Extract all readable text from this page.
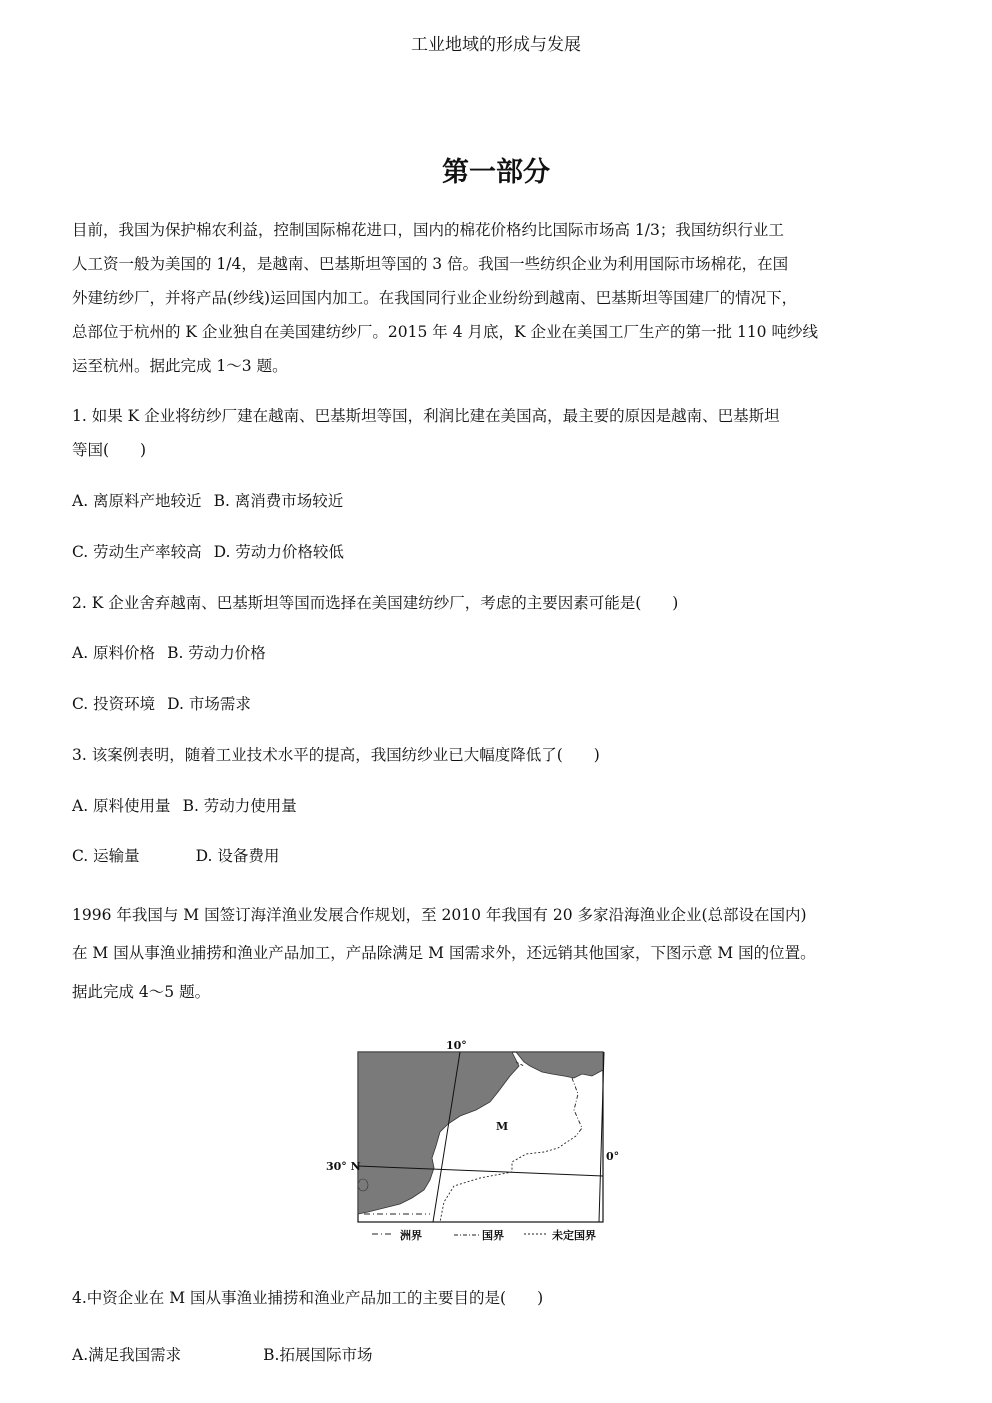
工业地域的形成与发展
第一部分
目前，我国为保护棉农利益，控制国际棉花进口，国内的棉花价格约比国际市场高 1/3；我国纺织行业工
人工资一般为美国的 1/4，是越南、巴基斯坦等国的 3 倍。我国一些纺织企业为利用国际市场棉花，在国
外建纺纱厂，并将产品(纱线)运回国内加工。在我国同行业企业纷纷到越南、巴基斯坦等国建厂的情况下，
总部位于杭州的 K 企业独自在美国建纺纱厂。2015 年 4 月底，K 企业在美国工厂生产的第一批 110 吨纱线
运至杭州。据此完成 1～3 题。
1. 如果 K 企业将纺纱厂建在越南、巴基斯坦等国，利润比建在美国高，最主要的原因是越南、巴基斯坦
等国(　　)
A. 离原料产地较近 B. 离消费市场较近
C. 劳动生产率较高 D. 劳动力价格较低
2. K 企业舍弃越南、巴基斯坦等国而选择在美国建纺纱厂，考虑的主要因素可能是(　　)
A. 原料价格 B. 劳动力价格
C. 投资环境 D. 市场需求
3. 该案例表明，随着工业技术水平的提高，我国纺纱业已大幅度降低了(　　)
A. 原料使用量 B. 劳动力使用量
C. 运输量	D. 设备费用
1996 年我国与 M 国签订海洋渔业发展合作规划，至 2010 年我国有 20 多家沿海渔业企业(总部设在国内)
在 M 国从事渔业捕捞和渔业产品加工，产品除满足 M 国需求外，还远销其他国家，下图示意 M 国的位置。
据此完成 4～5 题。
10°
0°
30° N
M
洲界	国界	未定国界
4.中资企业在 M 国从事渔业捕捞和渔业产品加工的主要目的是(　　)
A.满足我国需求	B.拓展国际市场
